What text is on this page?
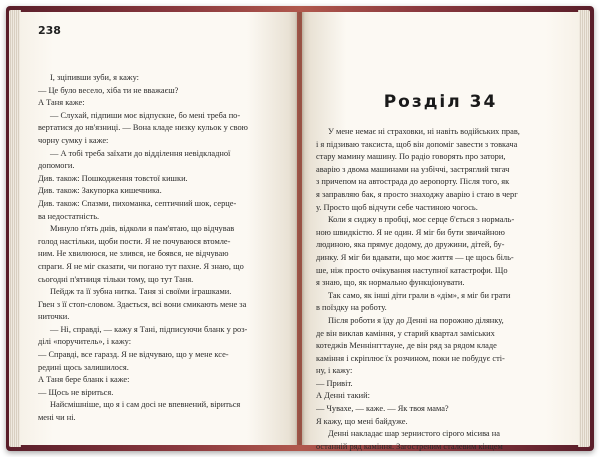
238
І, зціпивши зуби, я кажу:
— Це було весело, хіба ти не вважаєш?
А Таня каже:
— Слухай, підпиши моє відпускне, бо мені треба по-
вертатися до нв'язниці. — Вона кладе низку кульок у свою
чорну сумку і каже:
— А тобі треба заїхати до відділення невідкладної
допомоги.
Див. також: Пошкодження товстої кишки.
Див. також: Закупорка кишечника.
Див. також: Спазми, пихоманка, септичний шок, серце-
ва недостатність.
Минуло п'ять днів, відколи я пам'ятаю, що відчував
голод настільки, щоби пости. Я не почуваюся втомле-
ним. Не хвилююся, не злився, не боявся, не відчуваю
спраги. Я не міг сказати, чи погано тут пахне. Я знаю, що
сьогодні п'ятниця тільки тому, що тут Таня.
Пейдж та її зубна нитка. Таня зі своїми іграшками.
Гвен з її стоп-словом. Здається, всі вони смикають мене за
ниточки.
— Ні, справді, — кажу я Тані, підписуючи бланк у роз-
ділі «поручитель», і кажу:
— Справді, все гаразд. Я не відчуваю, що у мене ксе-
редині щось залишилося.
А Таня бере бланк і каже:
— Щось не віриться.
Найсмішніше, що я і сам досі не впевнений, віриться
мені чи ні.
Розділ 34
У мене немає ні страховки, ні навіть водійських прав,
і я підзиваю таксиста, щоб він допоміг завести з товкача
стару мамину машину. По радіо говорять про затори,
аварію з двома машинами на узбіччі, застряглий тягач
з причепом на автострада до аеропорту. Після того, як
я заправляю бак, я просто знаходжу аварію і стаю в черг
у. Просто щоб відчути себе частиною чогось.
Коли я сиджу в пробці, моє серце б'ється з нормаль-
ною швидкістю. Я не один. Я міг би бути звичайною
людиною, яка прямує додому, до дружини, дітей, бу-
динку. Я міг би вдавати, що моє життя — це щось біль-
ше, ніж просто очікування наступної катастрофи. Що
я знаю, що, як нормально функціонувати.
Так само, як інші діти грали в «дім», я міг би грати
в поїздку на роботу.
Після роботи я їду до Денні на порожню ділянку,
де він виклав каміння, у старий квартал заміських
котеджів Меннінггтауне, де він ряд за рядом кладе
каміння і скріплює їх розчином, поки не побудує сті-
ну, і кажу:
— Привіт.
А Денні такий:
— Чувахе, — каже. — Як твоя мама?
Я кажу, що мені байдуже.
Денні накладає шар зернистого сірого місива на
останній ряд каміння. Загостреним сталевим кінцем
